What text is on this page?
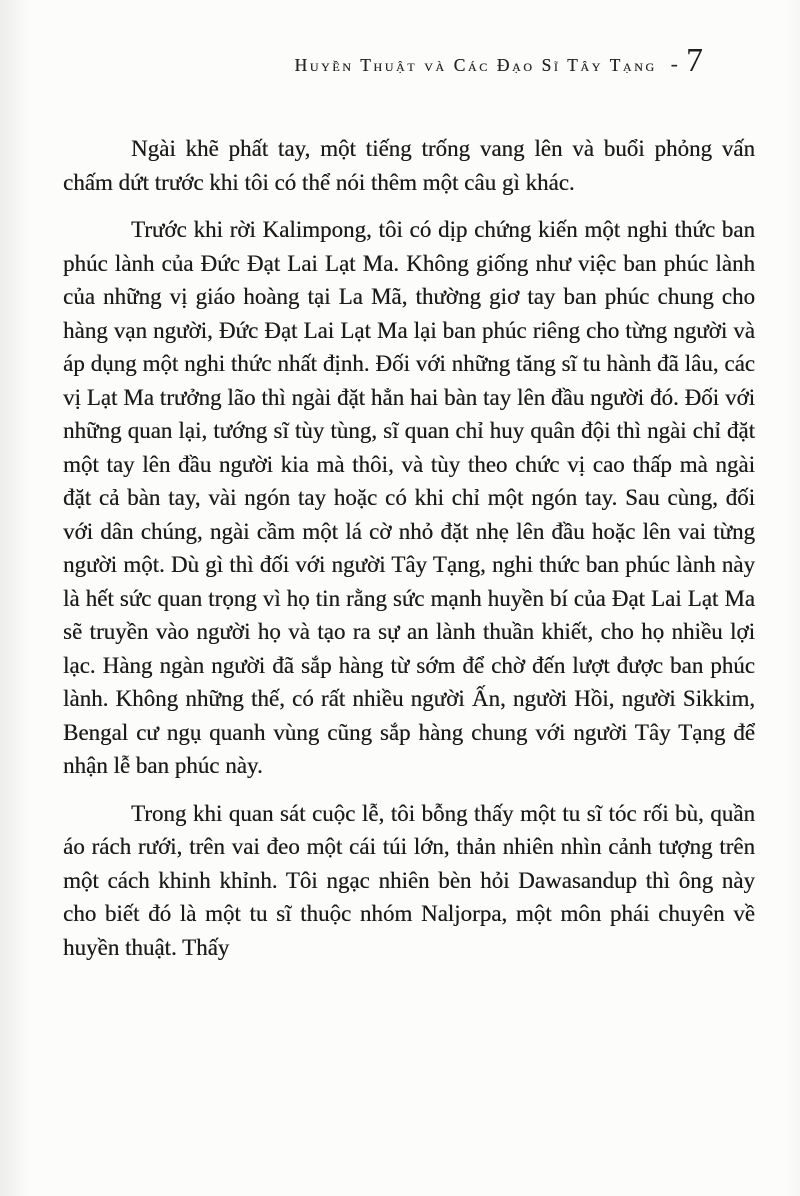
Huyền Thuật và Các Đạo Sĩ Tây Tạng - 7

Ngài khẽ phất tay, một tiếng trống vang lên và buổi phỏng vấn chấm dứt trước khi tôi có thể nói thêm một câu gì khác.

Trước khi rời Kalimpong, tôi có dịp chứng kiến một nghi thức ban phúc lành của Đức Đạt Lai Lạt Ma. Không giống như việc ban phúc lành của những vị giáo hoàng tại La Mã, thường giơ tay ban phúc chung cho hàng vạn người, Đức Đạt Lai Lạt Ma lại ban phúc riêng cho từng người và áp dụng một nghi thức nhất định. Đối với những tăng sĩ tu hành đã lâu, các vị Lạt Ma trưởng lão thì ngài đặt hẳn hai bàn tay lên đầu người đó. Đối với những quan lại, tướng sĩ tùy tùng, sĩ quan chỉ huy quân đội thì ngài chỉ đặt một tay lên đầu người kia mà thôi, và tùy theo chức vị cao thấp mà ngài đặt cả bàn tay, vài ngón tay hoặc có khi chỉ một ngón tay. Sau cùng, đối với dân chúng, ngài cầm một lá cờ nhỏ đặt nhẹ lên đầu hoặc lên vai từng người một. Dù gì thì đối với người Tây Tạng, nghi thức ban phúc lành này là hết sức quan trọng vì họ tin rằng sức mạnh huyền bí của Đạt Lai Lạt Ma sẽ truyền vào người họ và tạo ra sự an lành thuần khiết, cho họ nhiều lợi lạc. Hàng ngàn người đã sắp hàng từ sớm để chờ đến lượt được ban phúc lành. Không những thế, có rất nhiều người Ấn, người Hồi, người Sikkim, Bengal cư ngụ quanh vùng cũng sắp hàng chung với người Tây Tạng để nhận lễ ban phúc này.

Trong khi quan sát cuộc lễ, tôi bỗng thấy một tu sĩ tóc rối bù, quần áo rách rưới, trên vai đeo một cái túi lớn, thản nhiên nhìn cảnh tượng trên một cách khinh khỉnh. Tôi ngạc nhiên bèn hỏi Dawasandup thì ông này cho biết đó là một tu sĩ thuộc nhóm Naljorpa, một môn phái chuyên về huyền thuật. Thấy
